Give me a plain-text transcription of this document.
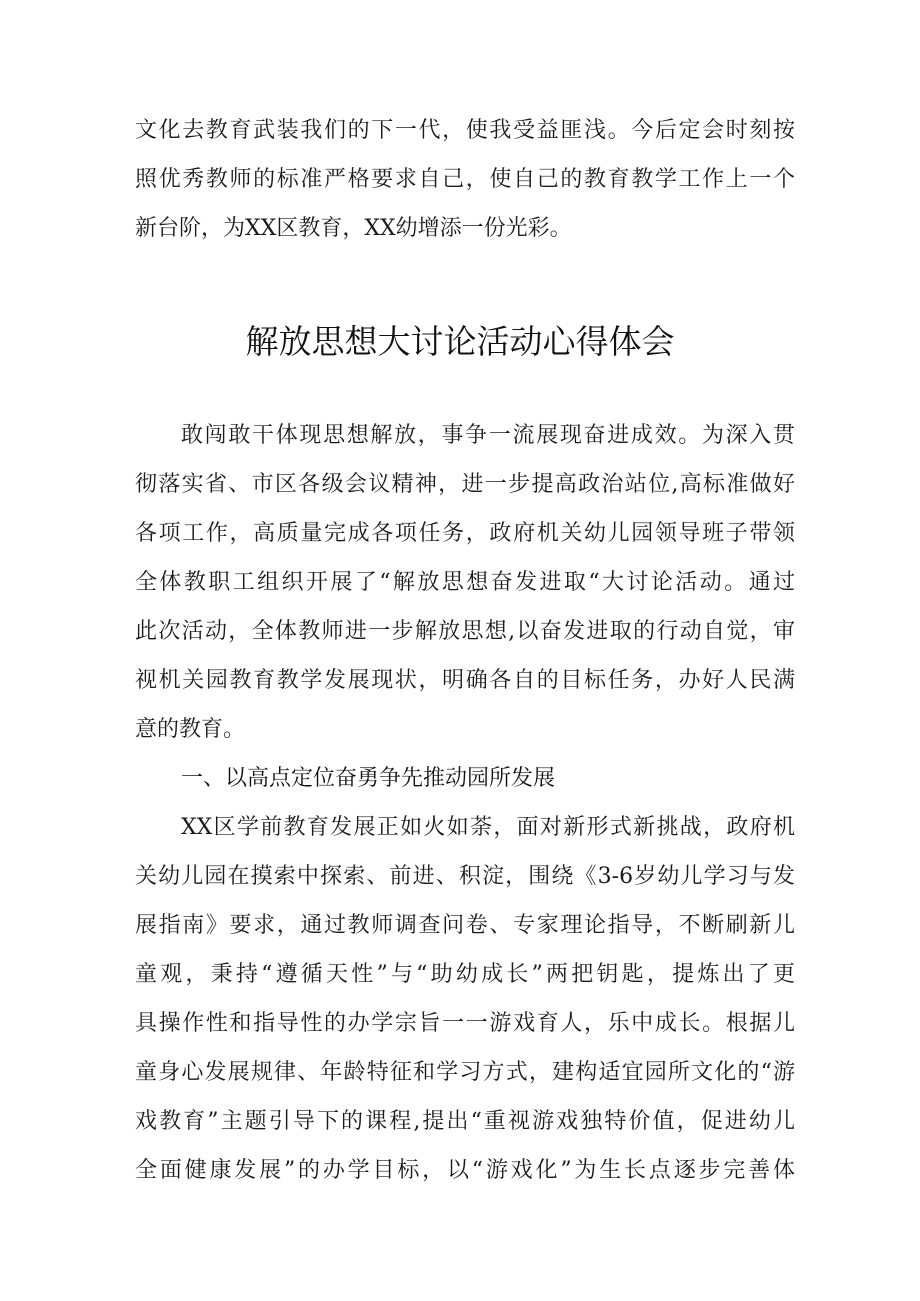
文化去教育武装我们的下一代，使我受益匪浅。今后定会时刻按
照优秀教师的标准严格要求自己，使自己的教育教学工作上一个
新台阶，为XX区教育，XX幼增添一份光彩。
解放思想大讨论活动心得体会
敢闯敢干体现思想解放，事争一流展现奋进成效。为深入贯
彻落实省、市区各级会议精神，进一步提高政治站位,高标准做好
各项工作，高质量完成各项任务，政府机关幼儿园领导班子带领
全体教职工组织开展了“解放思想奋发进取“大讨论活动。通过
此次活动，全体教师进一步解放思想,以奋发进取的行动自觉，审
视机关园教育教学发展现状，明确各自的目标任务，办好人民满
意的教育。
一、以高点定位奋勇争先推动园所发展
XX区学前教育发展正如火如荼，面对新形式新挑战，政府机
关幼儿园在摸索中探索、前进、积淀，围绕《3-6岁幼儿学习与发
展指南》要求，通过教师调查问卷、专家理论指导，不断刷新儿
童观，秉持“遵循天性”与“助幼成长”两把钥匙，提炼出了更
具操作性和指导性的办学宗旨一一游戏育人，乐中成长。根据儿
童身心发展规律、年龄特征和学习方式，建构适宜园所文化的“游
戏教育”主题引导下的课程,提出“重视游戏独特价值，促进幼儿
全面健康发展”的办学目标，以“游戏化”为生长点逐步完善体
